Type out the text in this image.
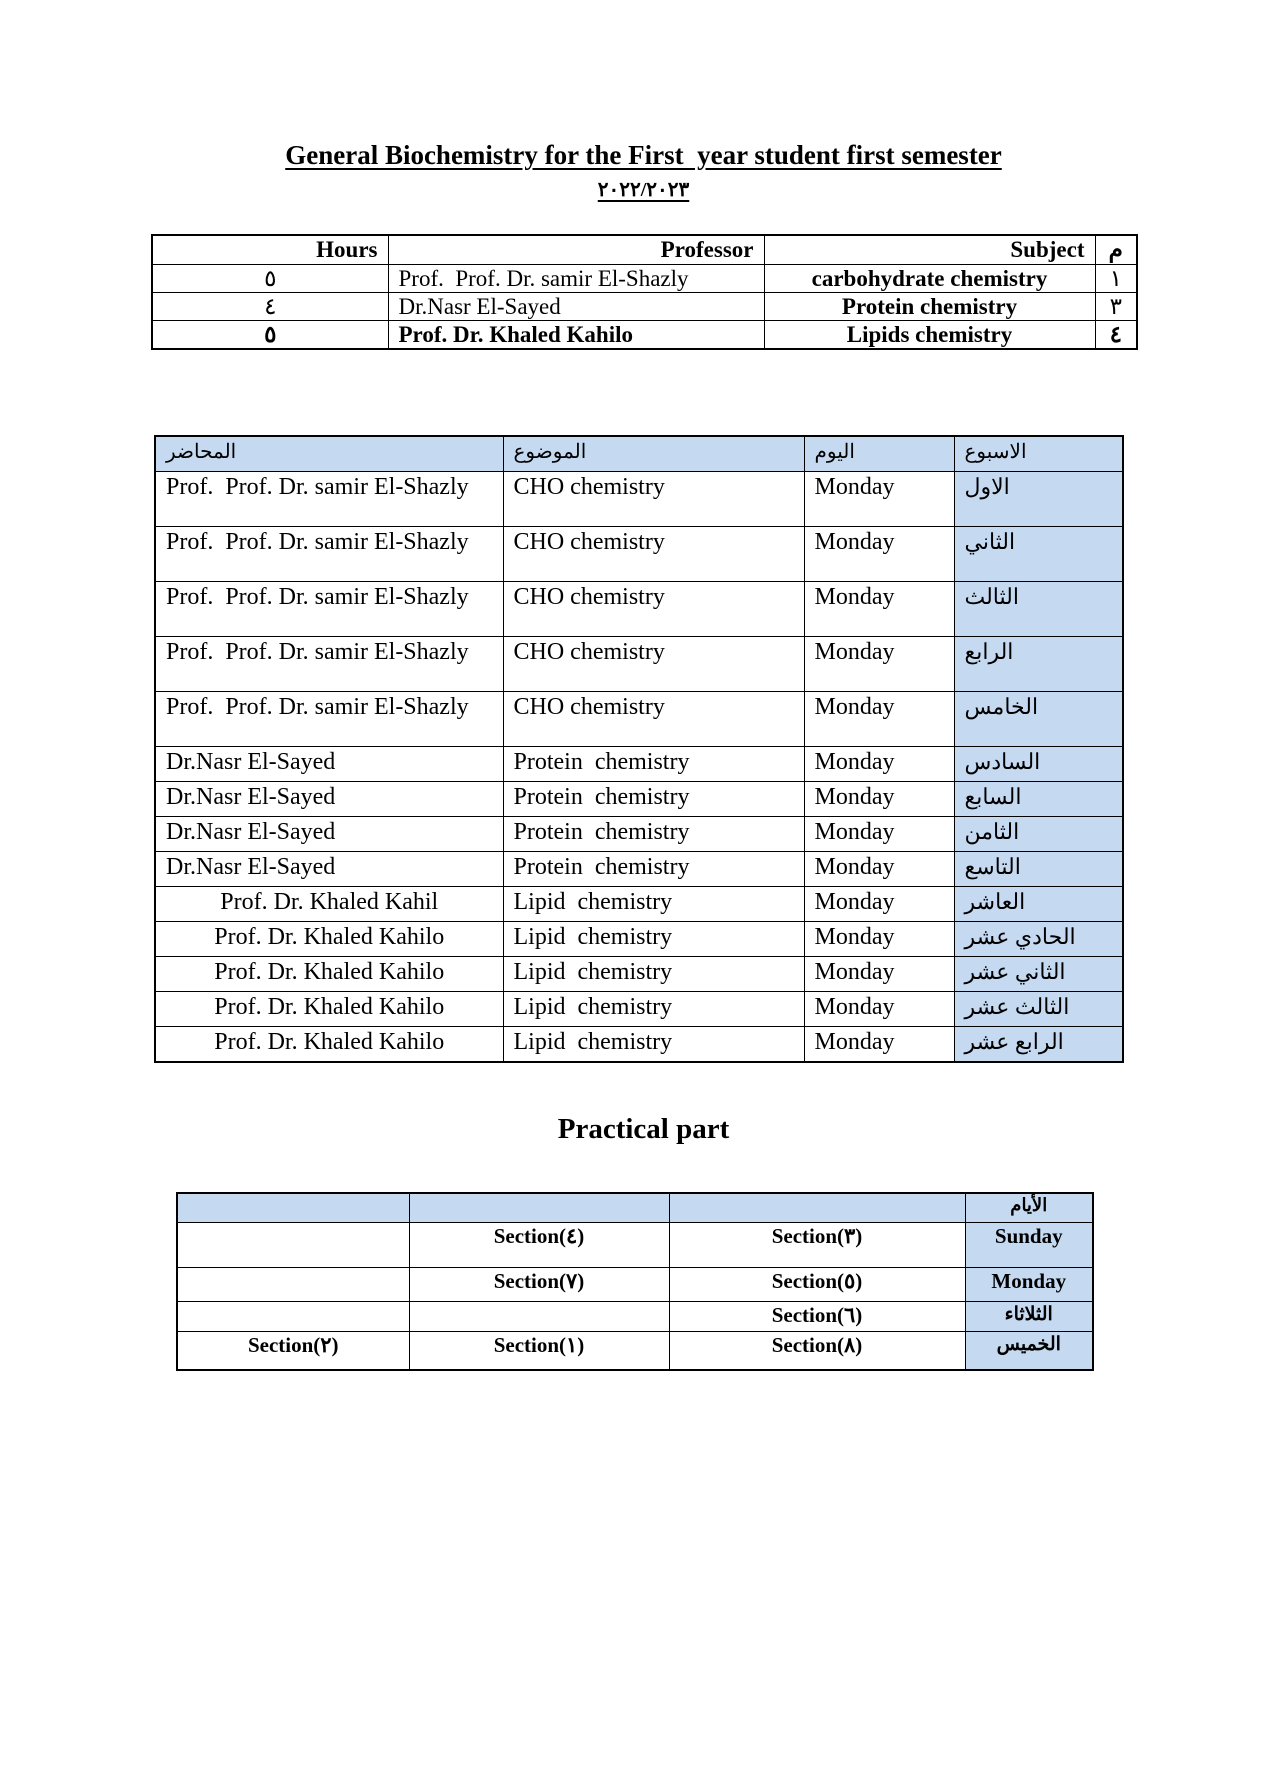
General Biochemistry for the First  year student first semester
٢٠٢٢/٢٠٢٣
Hours	Professor	Subject	م
٥	Prof.  Prof. Dr. samir El-Shazly	carbohydrate chemistry	١
٤	Dr.Nasr El-Sayed	Protein chemistry	٣
٥	Prof. Dr. Khaled Kahilo	Lipids chemistry	٤
المحاضر	الموضوع	اليوم	الاسبوع
Prof.  Prof. Dr. samir El-Shazly	CHO chemistry	Monday	الاول
Prof.  Prof. Dr. samir El-Shazly	CHO chemistry	Monday	الثاني
Prof.  Prof. Dr. samir El-Shazly	CHO chemistry	Monday	الثالث
Prof.  Prof. Dr. samir El-Shazly	CHO chemistry	Monday	الرابع
Prof.  Prof. Dr. samir El-Shazly	CHO chemistry	Monday	الخامس
Dr.Nasr El-Sayed	Protein  chemistry	Monday	السادس
Dr.Nasr El-Sayed	Protein  chemistry	Monday	السابع
Dr.Nasr El-Sayed	Protein  chemistry	Monday	الثامن
Dr.Nasr El-Sayed	Protein  chemistry	Monday	التاسع
Prof. Dr. Khaled Kahil	Lipid  chemistry	Monday	العاشر
Prof. Dr. Khaled Kahilo	Lipid  chemistry	Monday	الحادي عشر
Prof. Dr. Khaled Kahilo	Lipid  chemistry	Monday	الثاني عشر
Prof. Dr. Khaled Kahilo	Lipid  chemistry	Monday	الثالث عشر
Prof. Dr. Khaled Kahilo	Lipid  chemistry	Monday	الرابع عشر
Practical part
			الأيام
	Section(٤)	Section(٣)	Sunday
	Section(٧)	Section(٥)	Monday
		Section(٦)	الثلاثاء
Section(٢)	Section(١)	Section(٨)	الخميس
